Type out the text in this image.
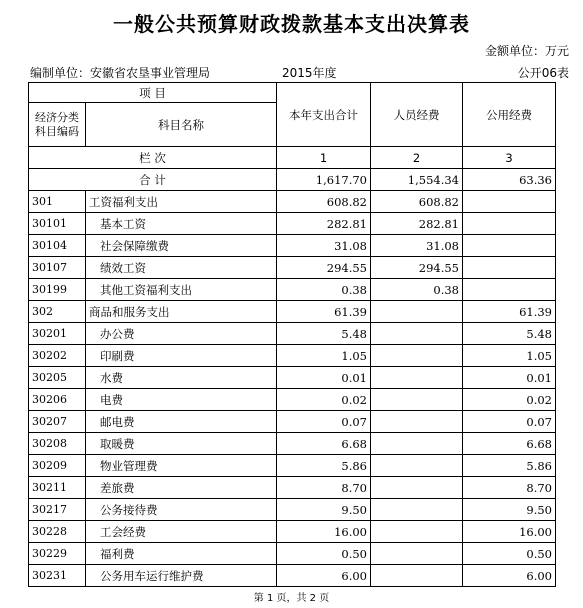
一般公共预算财政拨款基本支出决算表
金额单位：万元
编制单位：安徽省农垦事业管理局	2015年度	公开06表
项 目		本年支出合计	人员经费	公用经费
经济分类科目编码	科目名称			
栏 次		1	2	3
合 计		1,617.70	1,554.34	63.36
301	工资福利支出	608.82	608.82	
30101	基本工资	282.81	282.81	
30104	社会保障缴费	31.08	31.08	
30107	绩效工资	294.55	294.55	
30199	其他工资福利支出	0.38	0.38	
302	商品和服务支出	61.39		61.39
30201	办公费	5.48		5.48
30202	印刷费	1.05		1.05
30205	水费	0.01		0.01
30206	电费	0.02		0.02
30207	邮电费	0.07		0.07
30208	取暖费	6.68		6.68
30209	物业管理费	5.86		5.86
30211	差旅费	8.70		8.70
30217	公务接待费	9.50		9.50
30228	工会经费	16.00		16.00
30229	福利费	0.50		0.50
30231	公务用车运行维护费	6.00		6.00
第 1 页，共 2 页
